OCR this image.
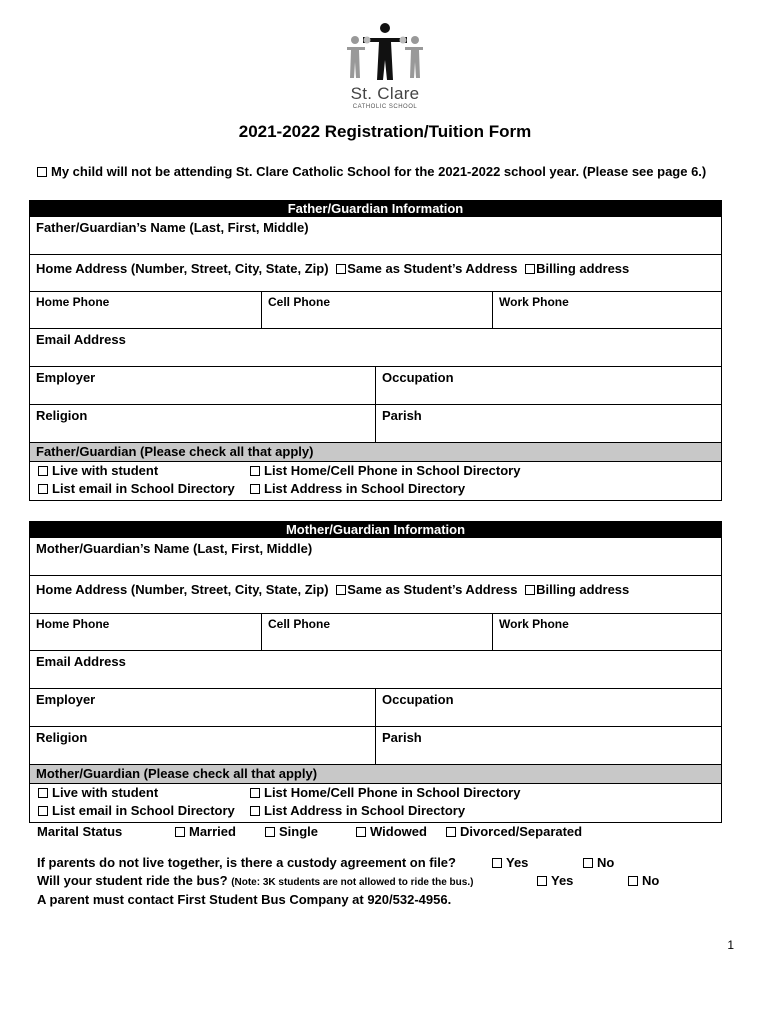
St. Clare
CATHOLIC SCHOOL
2021-2022 Registration/Tuition Form
My child will not be attending St. Clare Catholic School for the 2021-2022 school year. (Please see page 6.)
Father/Guardian Information
Father/Guardian’s Name (Last, First, Middle)
Home Address (Number, Street, City, State, Zip) Same as Student’s Address Billing address
Home Phone	Cell Phone	Work Phone
Email Address
Employer	Occupation
Religion	Parish
Father/Guardian (Please check all that apply)
Live with student	List Home/Cell Phone in School Directory
List email in School Directory	List Address in School Directory
Mother/Guardian Information
Mother/Guardian’s Name (Last, First, Middle)
Home Address (Number, Street, City, State, Zip) Same as Student’s Address Billing address
Home Phone	Cell Phone	Work Phone
Email Address
Employer	Occupation
Religion	Parish
Mother/Guardian (Please check all that apply)
Live with student	List Home/Cell Phone in School Directory
List email in School Directory	List Address in School Directory
Marital Status	Married	Single	Widowed	Divorced/Separated
If parents do not live together, is there a custody agreement on file?	Yes	No
Will your student ride the bus? (Note: 3K students are not allowed to ride the bus.)	Yes	No
A parent must contact First Student Bus Company at 920/532-4956.
1
